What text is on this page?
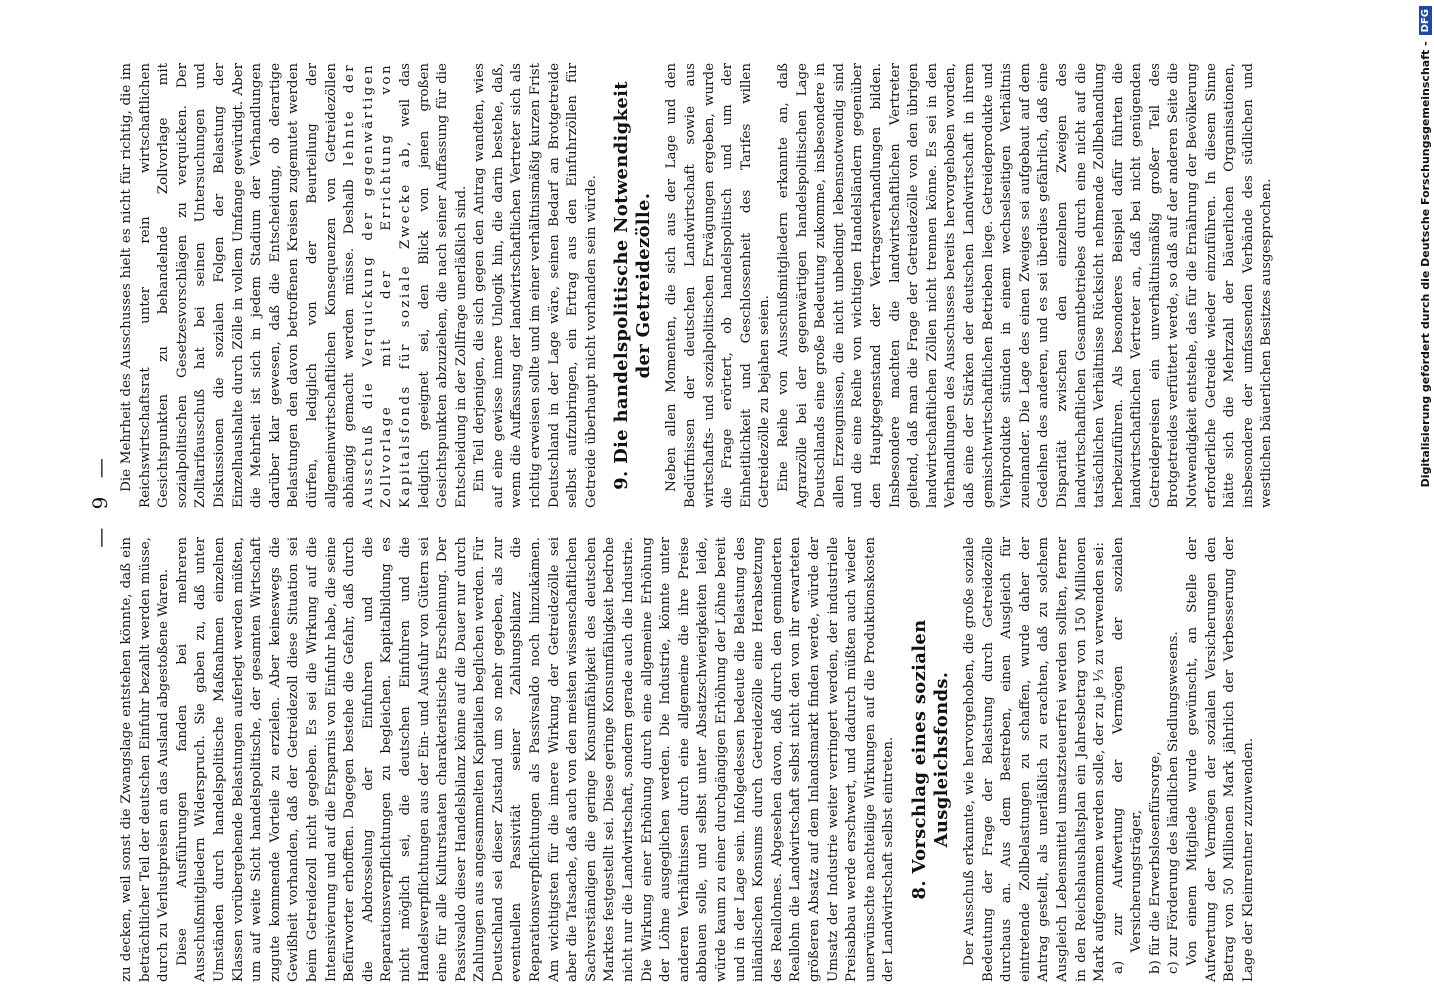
— 9 —

zu decken, weil sonst die Zwangslage entstehen könnte, daß ein beträchtlicher Teil der deutschen Einfuhr bezahlt werden müsse, durch zu Verlustpreisen an das Ausland abgestoßene Waren. Diese Ausführungen fanden bei mehreren Ausschußmitgliedern Widerspruch. Sie gaben zu, daß unter Umständen durch handelspolitische Maßnahmen einzelnen Klassen vorübergehende Belastungen auferlegt werden müßten, um auf weite Sicht handelspolitische, der gesamten Wirtschaft zugute kommende Vorteile zu erzielen. Aber keineswegs die Gewißheit vorhanden, daß der Getreidezoll diese Situation sei beim Getreidezoll nicht gegeben. Es sei die Wirkung auf die Intensivierung und auf die Ersparnis von Einfuhr habe, die seine Befürworter erhofften. Dagegen bestehe die Gefahr, daß durch die Abdrosselung der Einfuhren und die Reparationsverpflichtungen zu begleichen. Kapitalbildung es nicht möglich sei, die deutschen Einfuhren und die Handelsverpflichtungen aus der Ein- und Ausfuhr von Gütern sei eine für alle Kulturstaaten charakteristische Erscheinung. Der Passivsaldo dieser Handelsbilanz könne auf die Dauer nur durch Zahlungen aus angesammelten Kapitalien beglichen werden. Für Deutschland sei dieser Zustand um so mehr gegeben, als zur eventuellen Passivität seiner Zahlungsbilanz die Reparationsverpflichtungen als Passivsaldo noch hinzukämen. Am wichtigsten für die innere Wirkung der Getreidezölle sei aber die Tatsache, daß auch von den meisten wissenschaftlichen Sachverständigen die geringe Konsumfähigkeit des deutschen Marktes festgestellt sei. Diese geringe Konsumfähigkeit bedrohe nicht nur die Landwirtschaft, sondern gerade auch die Industrie. Die Wirkung einer Erhöhung durch eine allgemeine Erhöhung der Löhne ausgeglichen werden. Die Industrie, könnte unter anderen Verhältnissen durch eine allgemeine die ihre Preise abbauen solle, und selbst unter Absatzschwierigkeiten leide, würde kaum zu einer durchgängigen Erhöhung der Löhne bereit und in der Lage sein. Infolgedessen bedeute die Belastung des inländischen Konsums durch Getreidezölle eine Herabsetzung des Reallohnes. Abgesehen davon, daß durch den geminderten Reallohn die Landwirtschaft selbst nicht den von ihr erwarteten größeren Absatz auf dem Inlandsmarkt finden werde, würde der Umsatz der Industrie weiter verringert werden, der industrielle Preisabbau werde erschwert, und dadurch müßten auch wieder unerwünschte nachteilige Wirkungen auf die Produktionskosten der Landwirtschaft selbst eintreten. 8. Vorschlag eines sozialen Ausgleichsfonds. Der Ausschuß erkannte, wie hervorgehoben, die große soziale Bedeutung der Frage der Belastung durch Getreidezölle durchaus an. Aus dem Bestreben, einen Ausgleich für eintretende Zollbelastungen zu schaffen, wurde daher der Antrag gestellt, als unerläßlich zu erachten, daß zu solchem Ausgleich Lebensmittel umsatzsteuerfrei werden sollten, ferner in den Reichshaushaltsplan ein Jahresbetrag von 150 Millionen Mark aufgenommen werden solle, der zu je ⅓ zu verwenden sei: a) zur Aufwertung der Vermögen der sozialen Versicherungsträger, b) für die Erwerbslosenfürsorge, c) zur Förderung des ländlichen Siedlungswesens. Von einem Mitgliede wurde gewünscht, an Stelle der Aufwertung der Vermögen der sozialen Versicherungen den Betrag von 50 Millionen Mark jährlich der Verbesserung der Lage der Kleinrentner zuzuwenden.

Die Mehrheit des Ausschusses hielt es nicht für richtig, die im Reichswirtschaftsrat unter rein wirtschaftlichen Gesichtspunkten zu behandelnde Zollvorlage mit sozialpolitischen Gesetzesvorschlägen zu verquicken. Der Zolltarifausschuß hat bei seinen Untersuchungen und Diskussionen die sozialen Folgen der Belastung der Einzelhaushalte durch Zölle in vollem Umfange gewürdigt. Aber die Mehrheit ist sich in jedem Stadium der Verhandlungen darüber klar gewesen, daß die Entscheidung, ob derartige Belastungen den davon betroffenen Kreisen zugemutet werden dürfen, lediglich von der Beurteilung der allgemeinwirtschaftlichen Konsequenzen von Getreidezöllen abhängig gemacht werden müsse. Deshalb lehnte der Ausschuß die Verquickung der gegenwärtigen Zollvorlage mit der Errichtung von Kapitalsfonds für soziale Zwecke ab, weil das lediglich geeignet sei, den Blick von jenen großen Gesichtspunkten abzuziehen, die nach seiner Auffassung für die Entscheidung in der Zollfrage unerläßlich sind. Ein Teil derjenigen, die sich gegen den Antrag wandten, wies auf eine gewisse innere Unlogik hin, die darin bestehe, daß, wenn die Auffassung der landwirtschaftlichen Vertreter sich als richtig erweisen sollte und im einer verhältnismäßig kurzen Frist Deutschland in der Lage wäre, seinen Bedarf an Brotgetreide selbst aufzubringen, ein Ertrag aus den Einfuhrzöllen für Getreide überhaupt nicht vorhanden sein würde. 9. Die handelspolitische Notwendigkeit der Getreidezölle. Neben allen Momenten, die sich aus der Lage und den Bedürfnissen der deutschen Landwirtschaft sowie aus wirtschafts- und sozialpolitischen Erwägungen ergeben, wurde die Frage erörtert, ob handelspolitisch und um der Einheitlichkeit und Geschlossenheit des Tarifes willen Getreidezölle zu bejahen seien. Eine Reihe von Ausschußmitgliedern erkannte an, daß Agrarzölle bei der gegenwärtigen handelspolitischen Lage Deutschlands eine große Bedeutung zukomme, insbesondere in allen Erzeugnissen, die nicht unbedingt lebensnotwendig sind und die eine Reihe von wichtigen Handelsländern gegenüber den Hauptgegenstand der Vertragsverhandlungen bilden. Insbesondere machten die landwirtschaftlichen Vertreter geltend, daß man die Frage der Getreidezölle von den übrigen landwirtschaftlichen Zöllen nicht trennen könne. Es sei in den Verhandlungen des Ausschusses bereits hervorgehoben worden, daß eine der Stärken der deutschen Landwirtschaft in ihrem gemischtwirtschaftlichen Betrieben liege. Getreideprodukte und Viehprodukte stünden in einem wechselseitigen Verhältnis zueinander. Die Lage des einen Zweiges sei aufgebaut auf dem Gedeihen des anderen, und es sei überdies gefährlich, daß eine Disparität zwischen den einzelnen Zweigen des landwirtschaftlichen Gesamtbetriebes durch eine nicht auf die tatsächlichen Verhältnisse Rücksicht nehmende Zollbehandlung herbeizuführen. Als besonderes Beispiel dafür führten die landwirtschaftlichen Vertreter an, daß bei nicht genügenden Getreidepreisen ein unverhältnismäßig großer Teil des Brotgetreides verfüttert werde, so daß auf der anderen Seite die Notwendigkeit entstehe, das für die Ernährung der Bevölkerung erforderliche Getreide wieder einzuführen. In diesem Sinne hätte sich die Mehrzahl der bäuerlichen Organisationen, insbesondere der umfassenden Verbände des südlichen und westlichen bäuerlichen Besitzes ausgesprochen.	Digitalisierung gefördert durch die Deutsche Forschungsgemeinschaft -
DFG
